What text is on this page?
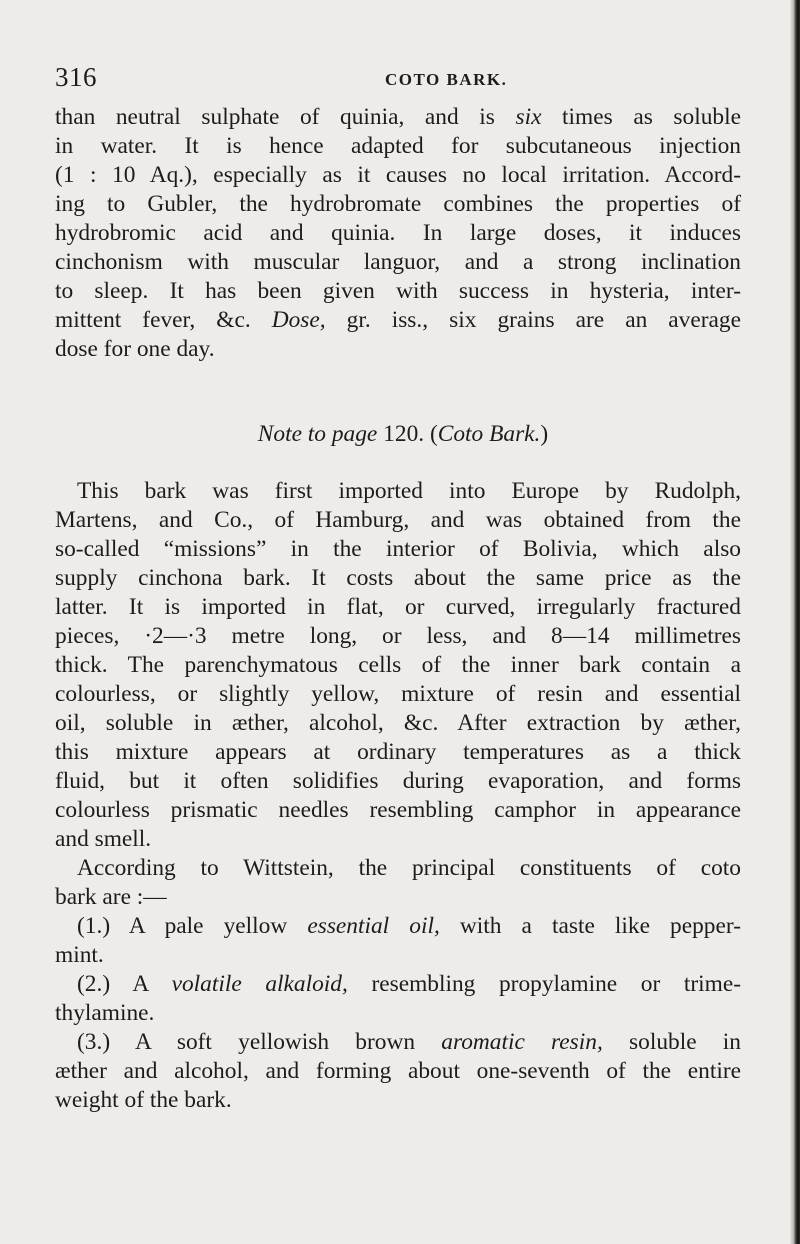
316	COTO BARK.
than neutral sulphate of quinia, and is six times as soluble
in water. It is hence adapted for subcutaneous injection
(1 : 10 Aq.), especially as it causes no local irritation. Accord-
ing to Gubler, the hydrobromate combines the properties of
hydrobromic acid and quinia. In large doses, it induces
cinchonism with muscular languor, and a strong inclination
to sleep. It has been given with success in hysteria, inter-
mittent fever, &c. Dose, gr. iss., six grains are an average
dose for one day.
Note to page 120. (Coto Bark.)
This bark was first imported into Europe by Rudolph,
Martens, and Co., of Hamburg, and was obtained from the
so-called “missions” in the interior of Bolivia, which also
supply cinchona bark. It costs about the same price as the
latter. It is imported in flat, or curved, irregularly fractured
pieces, ·2—·3 metre long, or less, and 8—14 millimetres
thick. The parenchymatous cells of the inner bark contain a
colourless, or slightly yellow, mixture of resin and essential
oil, soluble in æther, alcohol, &c. After extraction by æther,
this mixture appears at ordinary temperatures as a thick
fluid, but it often solidifies during evaporation, and forms
colourless prismatic needles resembling camphor in appearance
and smell.
According to Wittstein, the principal constituents of coto
bark are :—
(1.) A pale yellow essential oil, with a taste like pepper-
mint.
(2.) A volatile alkaloid, resembling propylamine or trime-
thylamine.
(3.) A soft yellowish brown aromatic resin, soluble in
æther and alcohol, and forming about one-seventh of the entire
weight of the bark.
